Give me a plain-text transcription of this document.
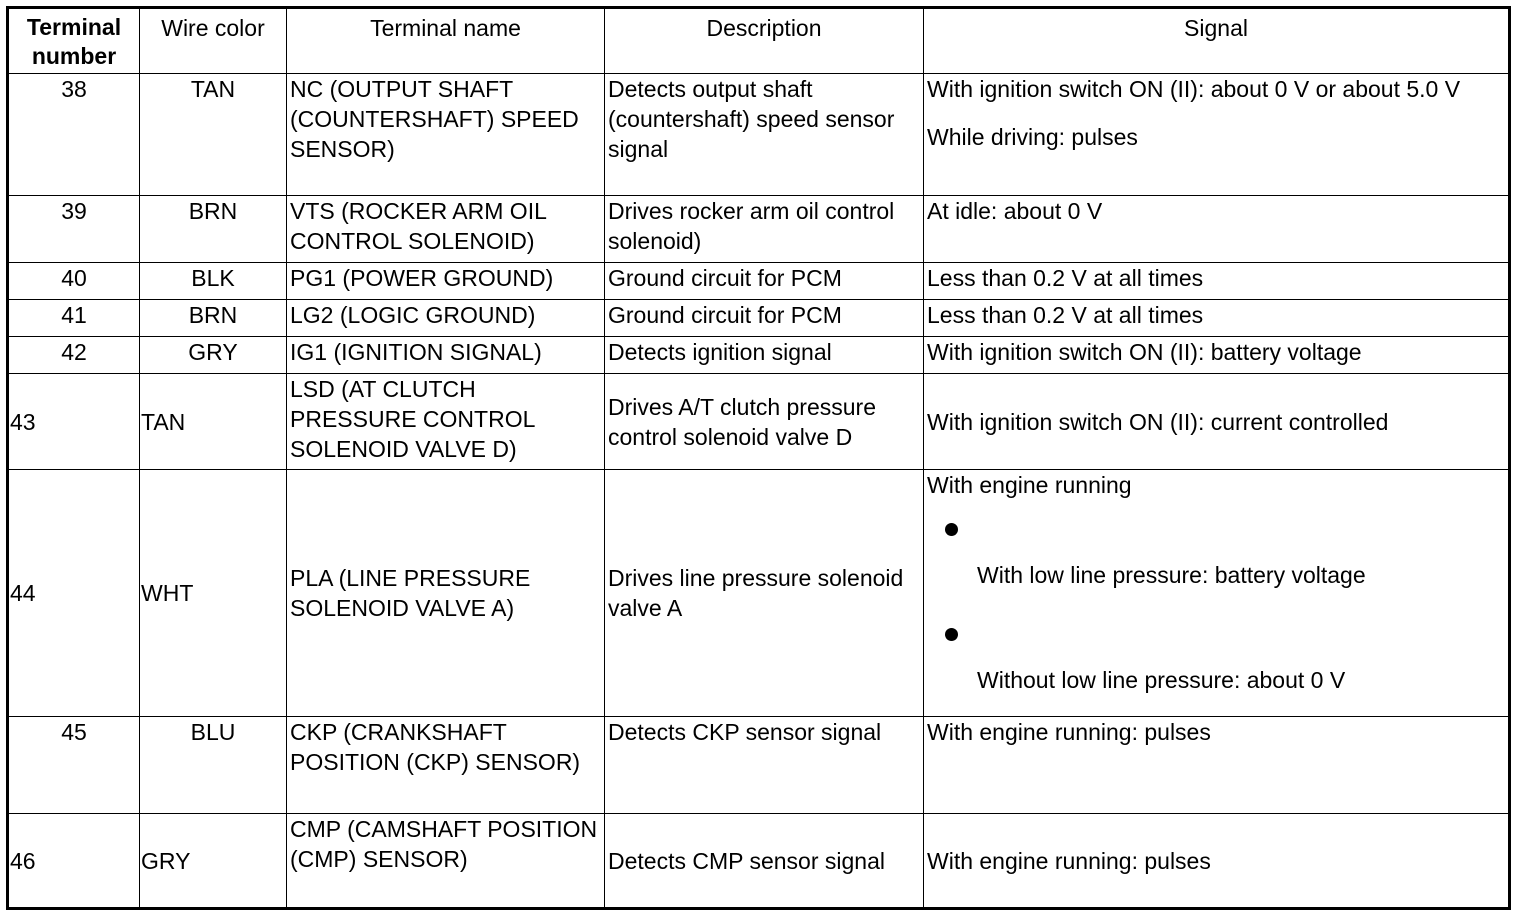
Terminal number	Wire color	Terminal name	Description	Signal
38	TAN	NC (OUTPUT SHAFT (COUNTERSHAFT) SPEED SENSOR)	Detects output shaft (countershaft) speed sensor signal	With ignition switch ON (II): about 0 V or about 5.0 V
While driving: pulses

39	BRN	VTS (ROCKER ARM OIL CONTROL SOLENOID)	Drives rocker arm oil control solenoid)	At idle: about 0 V
40	BLK	PG1 (POWER GROUND)	Ground circuit for PCM	Less than 0.2 V at all times
41	BRN	LG2 (LOGIC GROUND)	Ground circuit for PCM	Less than 0.2 V at all times
42	GRY	IG1 (IGNITION SIGNAL)	Detects ignition signal	With ignition switch ON (II): battery voltage
43	TAN	LSD (AT CLUTCH PRESSURE CONTROL SOLENOID VALVE D)	Drives A/T clutch pressure control solenoid valve D	With ignition switch ON (II): current controlled
44	WHT	PLA (LINE PRESSURE SOLENOID VALVE A)	Drives line pressure solenoid valve A	With engine running
With low line pressure: battery voltage
Without low line pressure: about 0 V

45	BLU	CKP (CRANKSHAFT POSITION (CKP) SENSOR)	Detects CKP sensor signal	With engine running: pulses
46	GRY	CMP (CAMSHAFT POSITION (CMP) SENSOR)	Detects CMP sensor signal	With engine running: pulses
